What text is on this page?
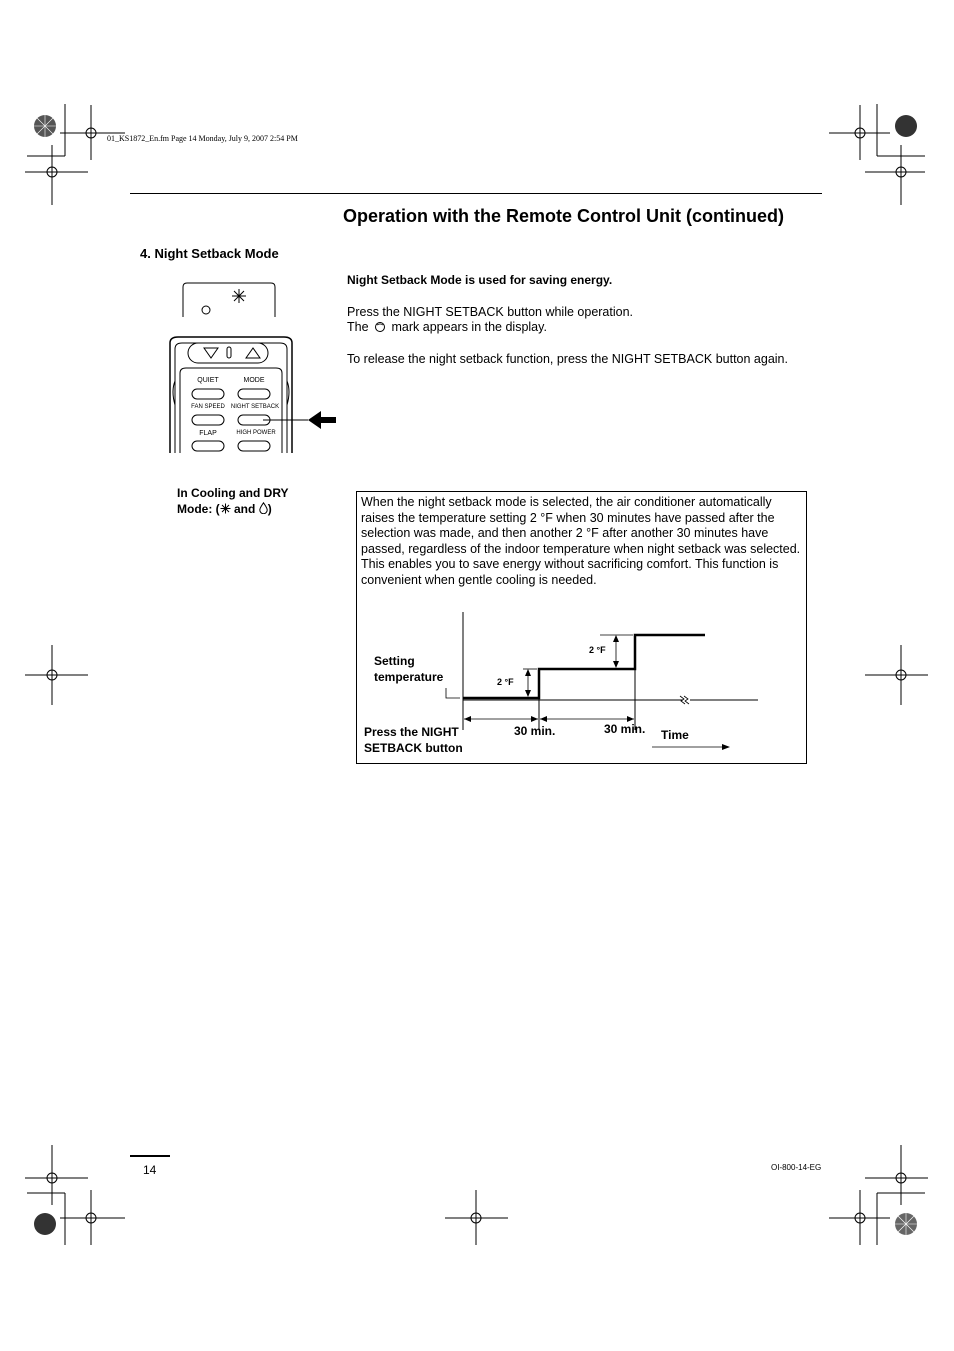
01_KS1872_En.fm Page 14 Monday, July 9, 2007 2:54 PM
Operation with the Remote Control Unit (continued)
4. Night Setback Mode
QUIET	MODE
FAN SPEED	NIGHT SETBACK
FLAP	HIGH POWER
Night Setback Mode is used for saving energy.
Press the NIGHT SETBACK button while operation.
The mark appears in the display.
To release the night setback function, press the NIGHT SETBACK button again.
In Cooling and DRY
Mode: ( and )	When the night setback mode is selected, the air conditioner automatically raises the temperature setting 2 °F when 30 minutes have passed after the selection was made, and then another 2 °F after another 30 minutes have passed, regardless of the indoor temperature when night setback was selected. This enables you to save energy without sacrificing comfort. This function is convenient when gentle cooling is needed.
Setting
temperature
Press the NIGHT
SETBACK button
2 °F
2 °F
30 min.	30 min. Time
14	OI-800-14-EG
